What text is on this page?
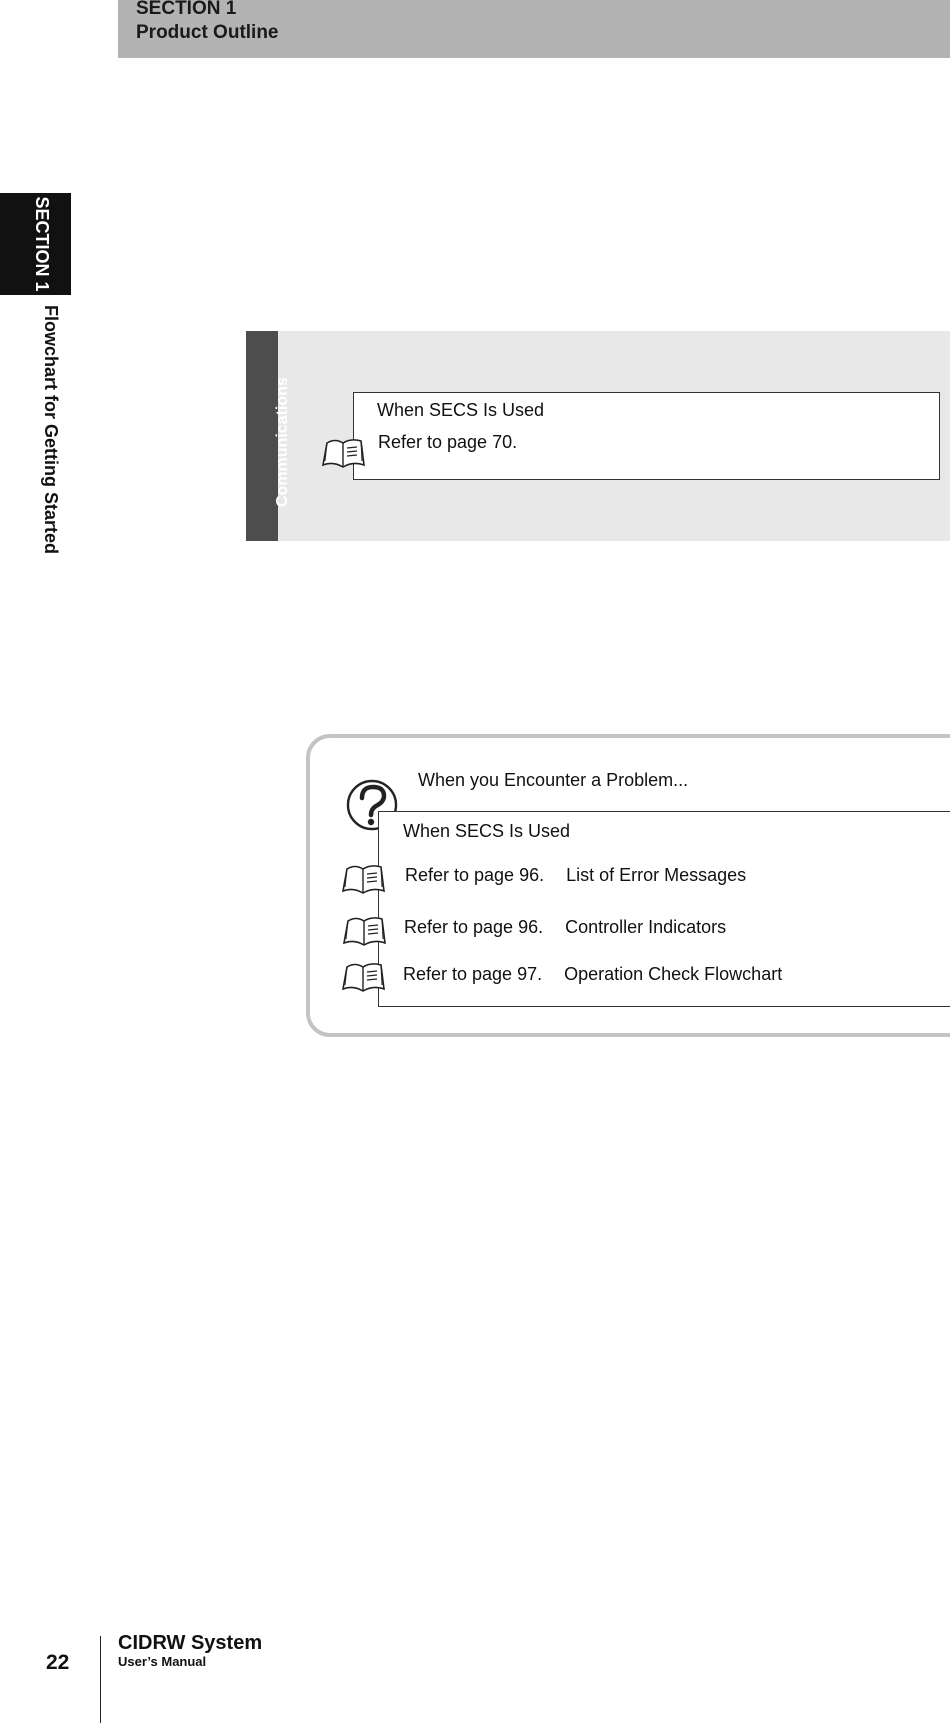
SECTION 1
Product Outline
SECTION 1
Flowchart for Getting Started	Communications	When SECS Is Used
Refer to page 70.
When you Encounter a Problem...
When SECS Is Used
Refer to page 96. List of Error Messages
Refer to page 96. Controller Indicators
Refer to page 97. Operation Check Flowchart
22
CIDRW System
User’s Manual
